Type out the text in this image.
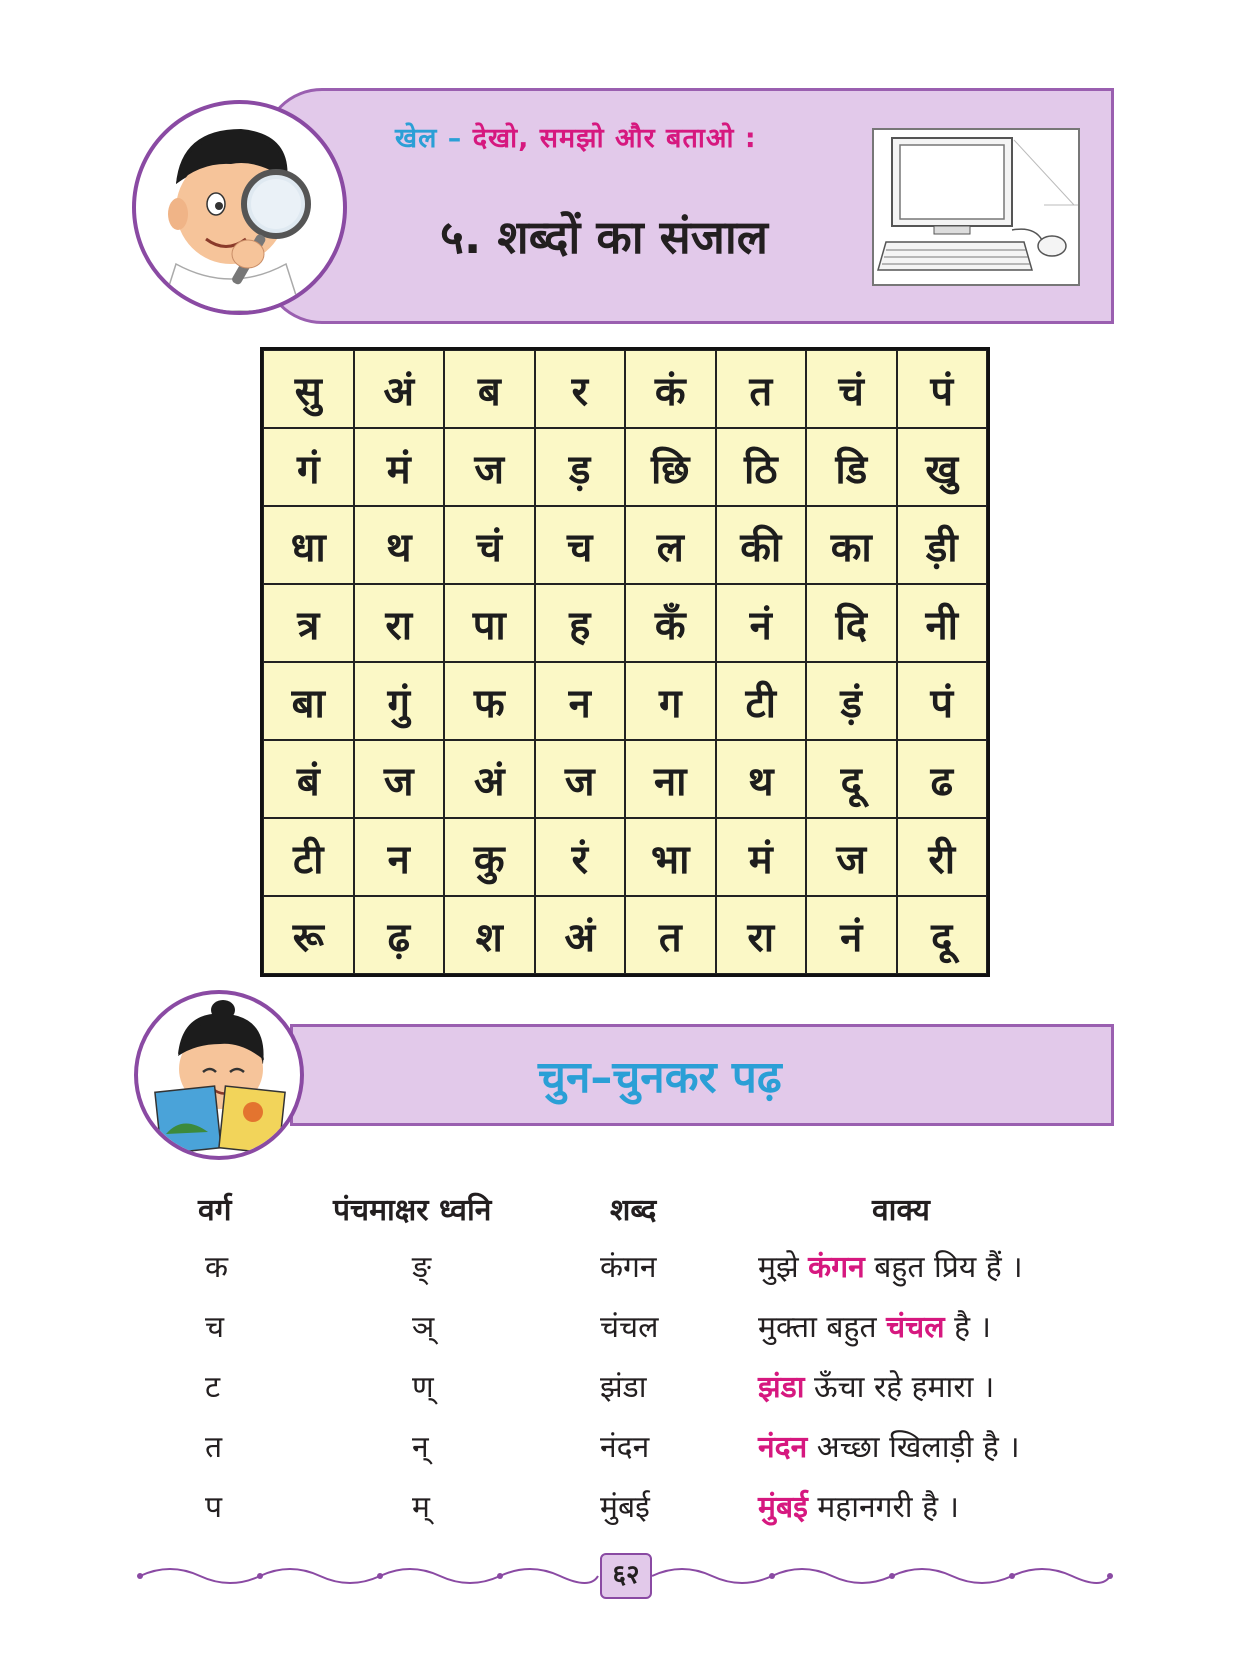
खेल – देखो, समझो और बताओ :
५. शब्दों का संजाल
सु	अं	ब	र	कं	त	चं	पं
गं	मं	ज	ड़	छि	ठि	डि	खु
धा	थ	चं	च	ल	की	का	ड़ी
त्र	रा	पा	ह	कँ	नं	दि	नी
बा	गुं	फ	न	ग	टी	ड़ं	पं
बं	ज	अं	ज	ना	थ	दू	ढ
टी	न	कु	रं	भा	मं	ज	री
रू	ढ़	श	अं	त	रा	नं	दू
चुन–चुनकर पढ़
वर्ग	पंचमाक्षर ध्वनि	शब्द	वाक्य
क	ङ्	कंगन	मुझे कंगन बहुत प्रिय हैं ।
च	ञ्	चंचल	मुक्ता बहुत चंचल है ।
ट	ण्	झंडा	झंडा ऊँचा रहे हमारा ।
त	न्	नंदन	नंदन अच्छा खिलाड़ी है ।
प	म्	मुंबई	मुंबई महानगरी है ।
६२
